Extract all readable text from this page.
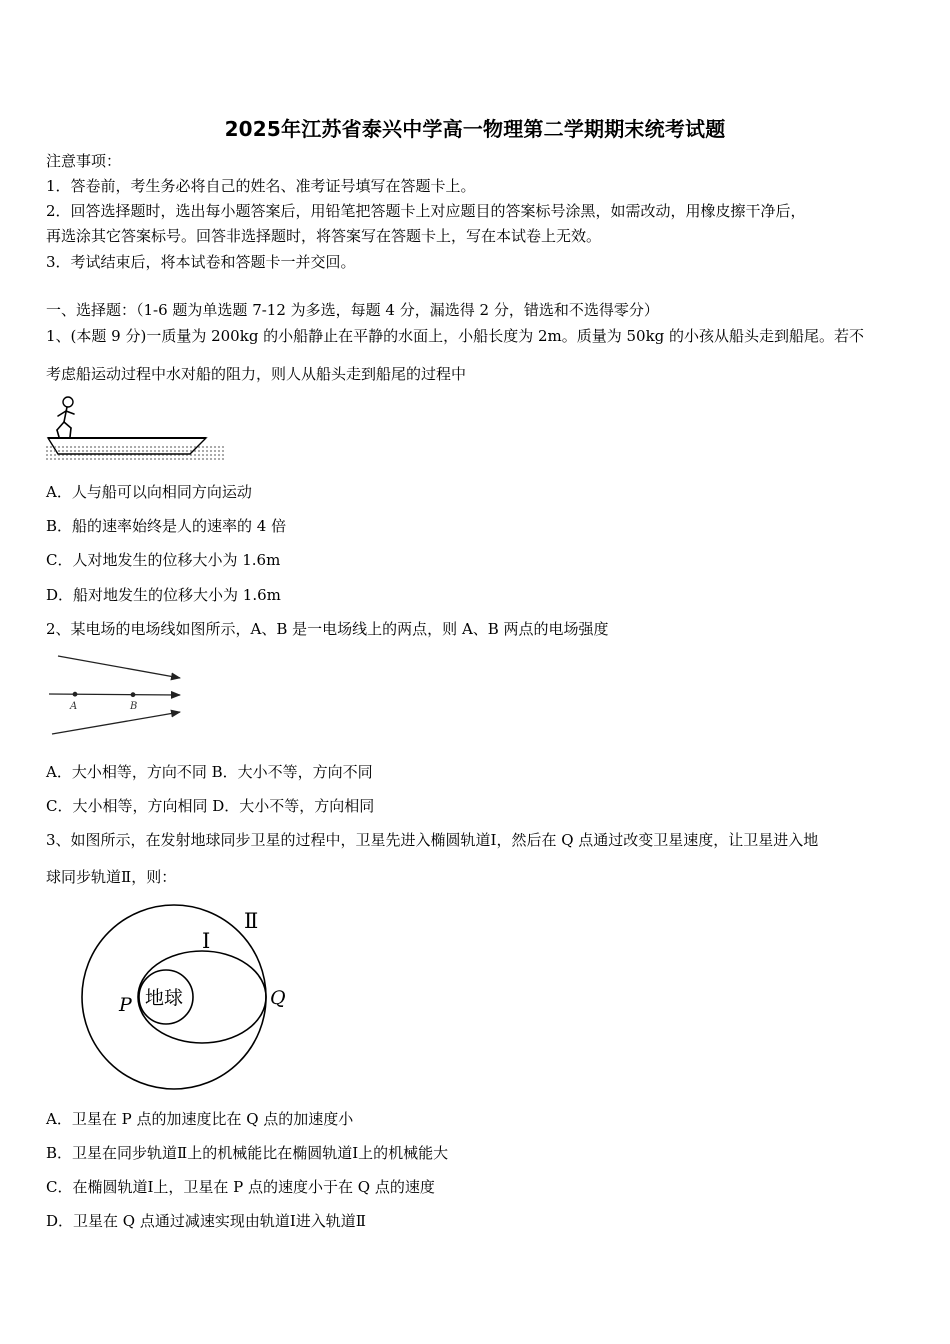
2025年江苏省泰兴中学高一物理第二学期期末统考试题
注意事项：
1．答卷前，考生务必将自己的姓名、准考证号填写在答题卡上。
2．回答选择题时，选出每小题答案后，用铅笔把答题卡上对应题目的答案标号涂黑，如需改动，用橡皮擦干净后，
再选涂其它答案标号。回答非选择题时，将答案写在答题卡上，写在本试卷上无效。
3．考试结束后，将本试卷和答题卡一并交回。
一、选择题：（1-6 题为单选题 7-12 为多选，每题 4 分，漏选得 2 分，错选和不选得零分）
1、(本题 9 分)一质量为 200kg 的小船静止在平静的水面上，小船长度为 2m。质量为 50kg 的小孩从船头走到船尾。若不
考虑船运动过程中水对船的阻力，则人从船头走到船尾的过程中
A．人与船可以向相同方向运动
B．船的速率始终是人的速率的 4 倍
C．人对地发生的位移大小为 1.6m
D．船对地发生的位移大小为 1.6m
2、某电场的电场线如图所示，A、B 是一电场线上的两点，则 A、B 两点的电场强度
A	B
A．大小相等，方向不同 B．大小不等，方向不同
C．大小相等，方向相同 D．大小不等，方向相同
3、如图所示，在发射地球同步卫星的过程中，卫星先进入椭圆轨道Ⅰ，然后在 Q 点通过改变卫星速度，让卫星进入地
球同步轨道Ⅱ，则：
地球
Ⅰ
Ⅱ
P	Q
A．卫星在 P 点的加速度比在 Q 点的加速度小
B．卫星在同步轨道Ⅱ上的机械能比在椭圆轨道Ⅰ上的机械能大
C．在椭圆轨道Ⅰ上，卫星在 P 点的速度小于在 Q 点的速度
D．卫星在 Q 点通过减速实现由轨道Ⅰ进入轨道Ⅱ
